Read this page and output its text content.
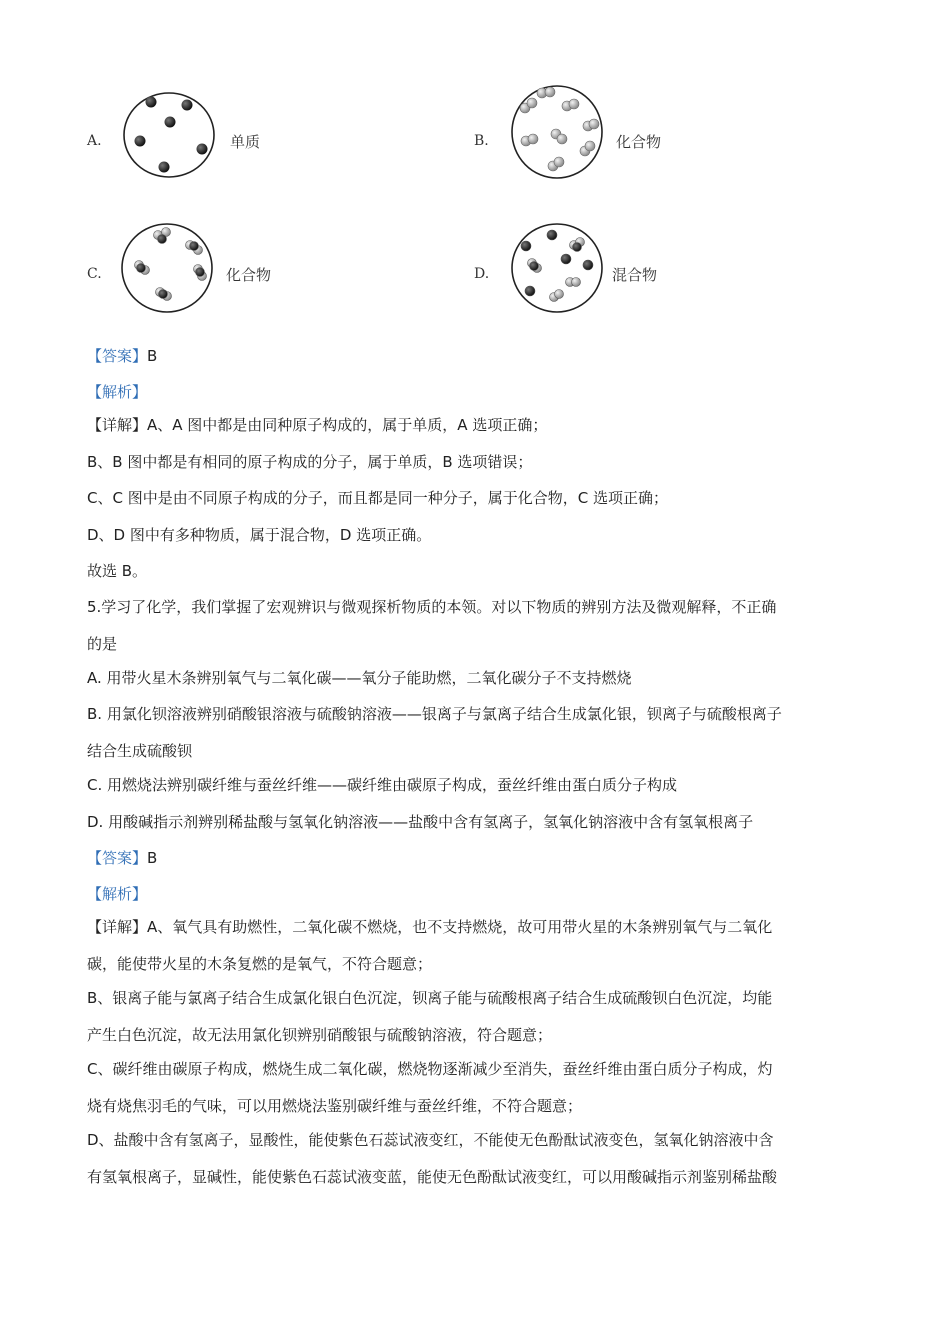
A.	单质	B.	化合物
C.	化合物	D.	混合物
【答案】B
【解析】
【详解】A、A 图中都是由同种原子构成的，属于单质，A 选项正确；
B、B 图中都是有相同的原子构成的分子，属于单质，B 选项错误；
C、C 图中是由不同原子构成的分子，而且都是同一种分子，属于化合物，C 选项正确；
D、D 图中有多种物质，属于混合物，D 选项正确。
故选 B。
5.学习了化学，我们掌握了宏观辨识与微观探析物质的本领。对以下物质的辨别方法及微观解释，不正确
的是
A. 用带火星木条辨别氧气与二氧化碳——氧分子能助燃，二氧化碳分子不支持燃烧
B. 用氯化钡溶液辨别硝酸银溶液与硫酸钠溶液——银离子与氯离子结合生成氯化银，钡离子与硫酸根离子
结合生成硫酸钡
C. 用燃烧法辨别碳纤维与蚕丝纤维——碳纤维由碳原子构成，蚕丝纤维由蛋白质分子构成
D. 用酸碱指示剂辨别稀盐酸与氢氧化钠溶液——盐酸中含有氢离子，氢氧化钠溶液中含有氢氧根离子
【答案】B
【解析】
【详解】A、氧气具有助燃性，二氧化碳不燃烧，也不支持燃烧，故可用带火星的木条辨别氧气与二氧化
碳，能使带火星的木条复燃的是氧气，不符合题意；
B、银离子能与氯离子结合生成氯化银白色沉淀，钡离子能与硫酸根离子结合生成硫酸钡白色沉淀，均能
产生白色沉淀，故无法用氯化钡辨别硝酸银与硫酸钠溶液，符合题意；
C、碳纤维由碳原子构成，燃烧生成二氧化碳，燃烧物逐渐减少至消失，蚕丝纤维由蛋白质分子构成，灼
烧有烧焦羽毛的气味，可以用燃烧法鉴别碳纤维与蚕丝纤维，不符合题意；
D、盐酸中含有氢离子，显酸性，能使紫色石蕊试液变红，不能使无色酚酞试液变色，氢氧化钠溶液中含
有氢氧根离子，显碱性，能使紫色石蕊试液变蓝，能使无色酚酞试液变红，可以用酸碱指示剂鉴别稀盐酸
